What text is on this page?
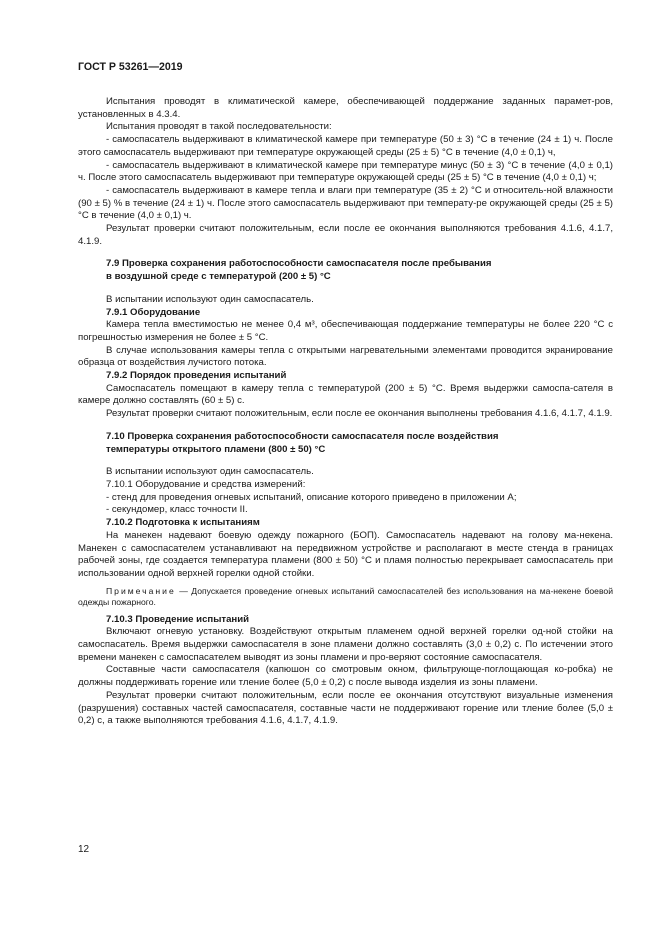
ГОСТ Р 53261—2019

Испытания проводят в климатической камере, обеспечивающей поддержание заданных парамет-ров, установленных в 4.3.4.

Испытания проводят в такой последовательности:

- самоспасатель выдерживают в климатической камере при температуре (50 ± 3) °С в течение (24 ± 1) ч. После этого самоспасатель выдерживают при температуре окружающей среды (25 ± 5) °С в течение (4,0 ± 0,1) ч,

- самоспасатель выдерживают в климатической камере при температуре минус (50 ± 3) °С в течение (4,0 ± 0,1) ч. После этого самоспасатель выдерживают при температуре окружающей среды (25 ± 5) °С в течение (4,0 ± 0,1) ч;

- самоспасатель выдерживают в камере тепла и влаги при температуре (35 ± 2) °С и относитель-ной влажности (90 ± 5) % в течение (24 ± 1) ч. После этого самоспасатель выдерживают при температу-ре окружающей среды (25 ± 5) °С в течение (4,0 ± 0,1) ч.

Результат проверки считают положительным, если после ее окончания выполняются требования 4.1.6, 4.1.7, 4.1.9.

7.9 Проверка сохранения работоспособности самоспасателя после пребывания

в воздушной среде с температурой (200 ± 5) °С

В испытании используют один самоспасатель.

7.9.1 Оборудование

Камера тепла вместимостью не менее 0,4 м³, обеспечивающая поддержание температуры не более 220 °С с погрешностью измерения не более ± 5 °С.

В случае использования камеры тепла с открытыми нагревательными элементами проводится экранирование образца от воздействия лучистого потока.

7.9.2 Порядок проведения испытаний

Самоспасатель помещают в камеру тепла с температурой (200 ± 5) °С. Время выдержки самоспа-сателя в камере должно составлять (60 ± 5) с.

Результат проверки считают положительным, если после ее окончания выполнены требования 4.1.6, 4.1.7, 4.1.9.

7.10 Проверка сохранения работоспособности самоспасателя после воздействия

температуры открытого пламени (800 ± 50) °С

В испытании используют один самоспасатель.

7.10.1 Оборудование и средства измерений:

- стенд для проведения огневых испытаний, описание которого приведено в приложении А;

- секундомер, класс точности II.

7.10.2 Подготовка к испытаниям

На манекен надевают боевую одежду пожарного (БОП). Самоспасатель надевают на голову ма-некена. Манекен с самоспасателем устанавливают на передвижном устройстве и располагают в месте стенда в границах рабочей зоны, где создается температура пламени (800 ± 50) °С и пламя полностью перекрывает самоспасатель при использовании одной верхней горелки одной стойки.

Примечание — Допускается проведение огневых испытаний самоспасателей без использования на ма-некене боевой одежды пожарного.

7.10.3 Проведение испытаний

Включают огневую установку. Воздействуют открытым пламенем одной верхней горелки од-ной стойки на самоспасатель. Время выдержки самоспасателя в зоне пламени должно составлять (3,0 ± 0,2) с. По истечении этого времени манекен с самоспасателем выводят из зоны пламени и про-веряют состояние самоспасателя.

Составные части самоспасателя (капюшон со смотровым окном, фильтрующе-поглощающая ко-робка) не должны поддерживать горение или тление более (5,0 ± 0,2) с после вывода изделия из зоны пламени.

Результат проверки считают положительным, если после ее окончания отсутствуют визуальные изменения (разрушения) составных частей самоспасателя, составные части не поддерживают горение или тление более (5,0 ± 0,2) с, а также выполняются требования 4.1.6, 4.1.7, 4.1.9.

12
